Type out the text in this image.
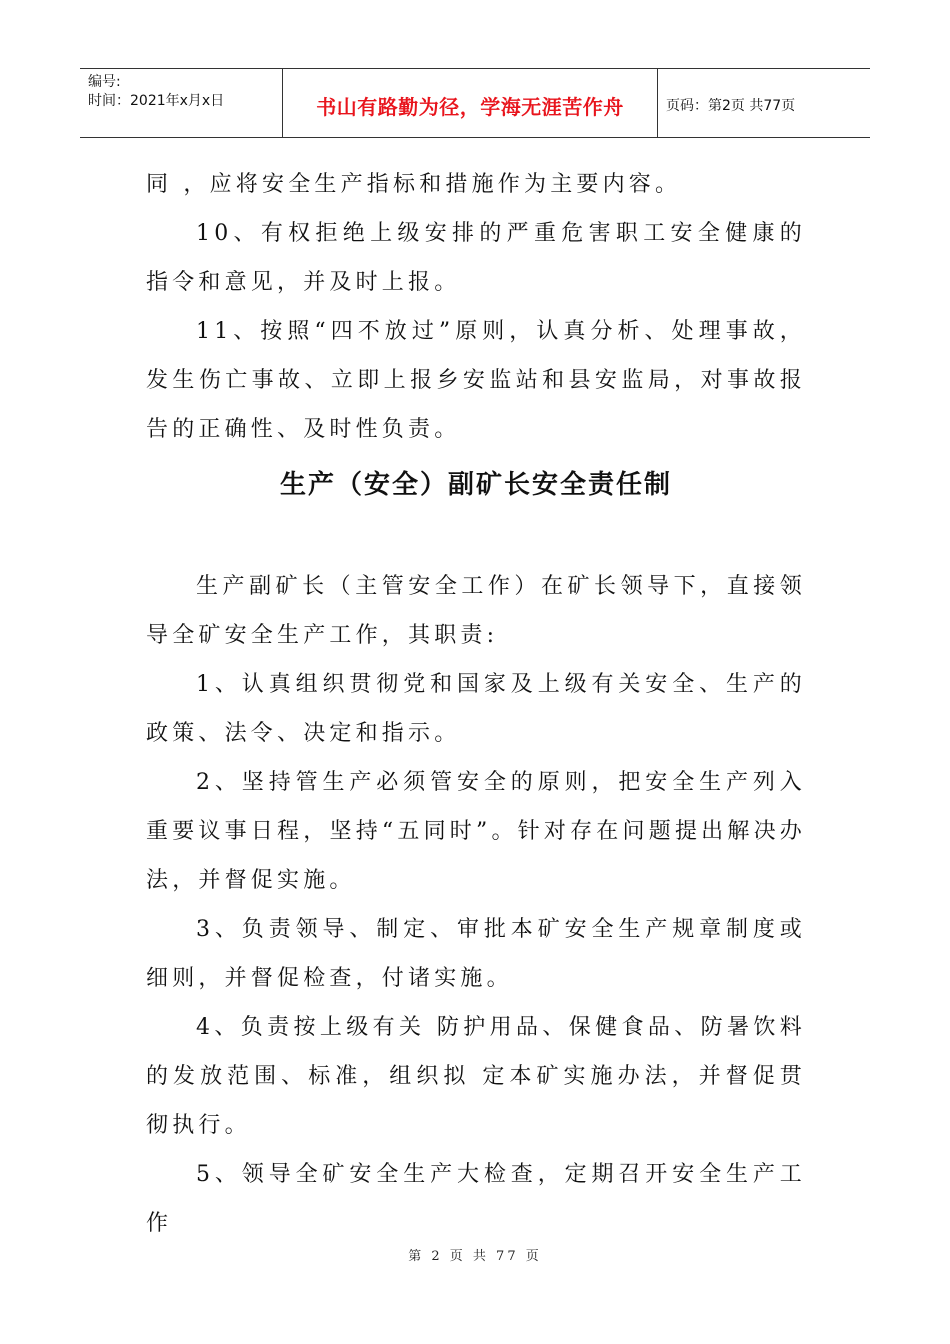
编号:
时间：2021年x月x日	书山有路勤为径，学海无涯苦作舟	页码：第2页 共77页

同 ，应将安全生产指标和措施作为主要内容。

10、有权拒绝上级安排的严重危害职工安全健康的指令和意见，并及时上报。

11、按照“四不放过”原则，认真分析、处理事故，发生伤亡事故、立即上报乡安监站和县安监局，对事故报告的正确性、及时性负责。

生产（安全）副矿长安全责任制

生产副矿长（主管安全工作）在矿长领导下，直接领导全矿安全生产工作，其职责:

1、认真组织贯彻党和国家及上级有关安全、生产的政策、法令、决定和指示。

2、坚持管生产必须管安全的原则，把安全生产列入重要议事日程，坚持“五同时”。针对存在问题提出解决办法，并督促实施。

3、负责领导、制定、审批本矿安全生产规章制度或细则，并督促检查，付诸实施。

4、负责按上级有关 防护用品、保健食品、防暑饮料的发放范围、标准，组织拟 定本矿实施办法，并督促贯彻执行。

5、领导全矿安全生产大检查，定期召开安全生产工作

第 2 页 共 77 页
